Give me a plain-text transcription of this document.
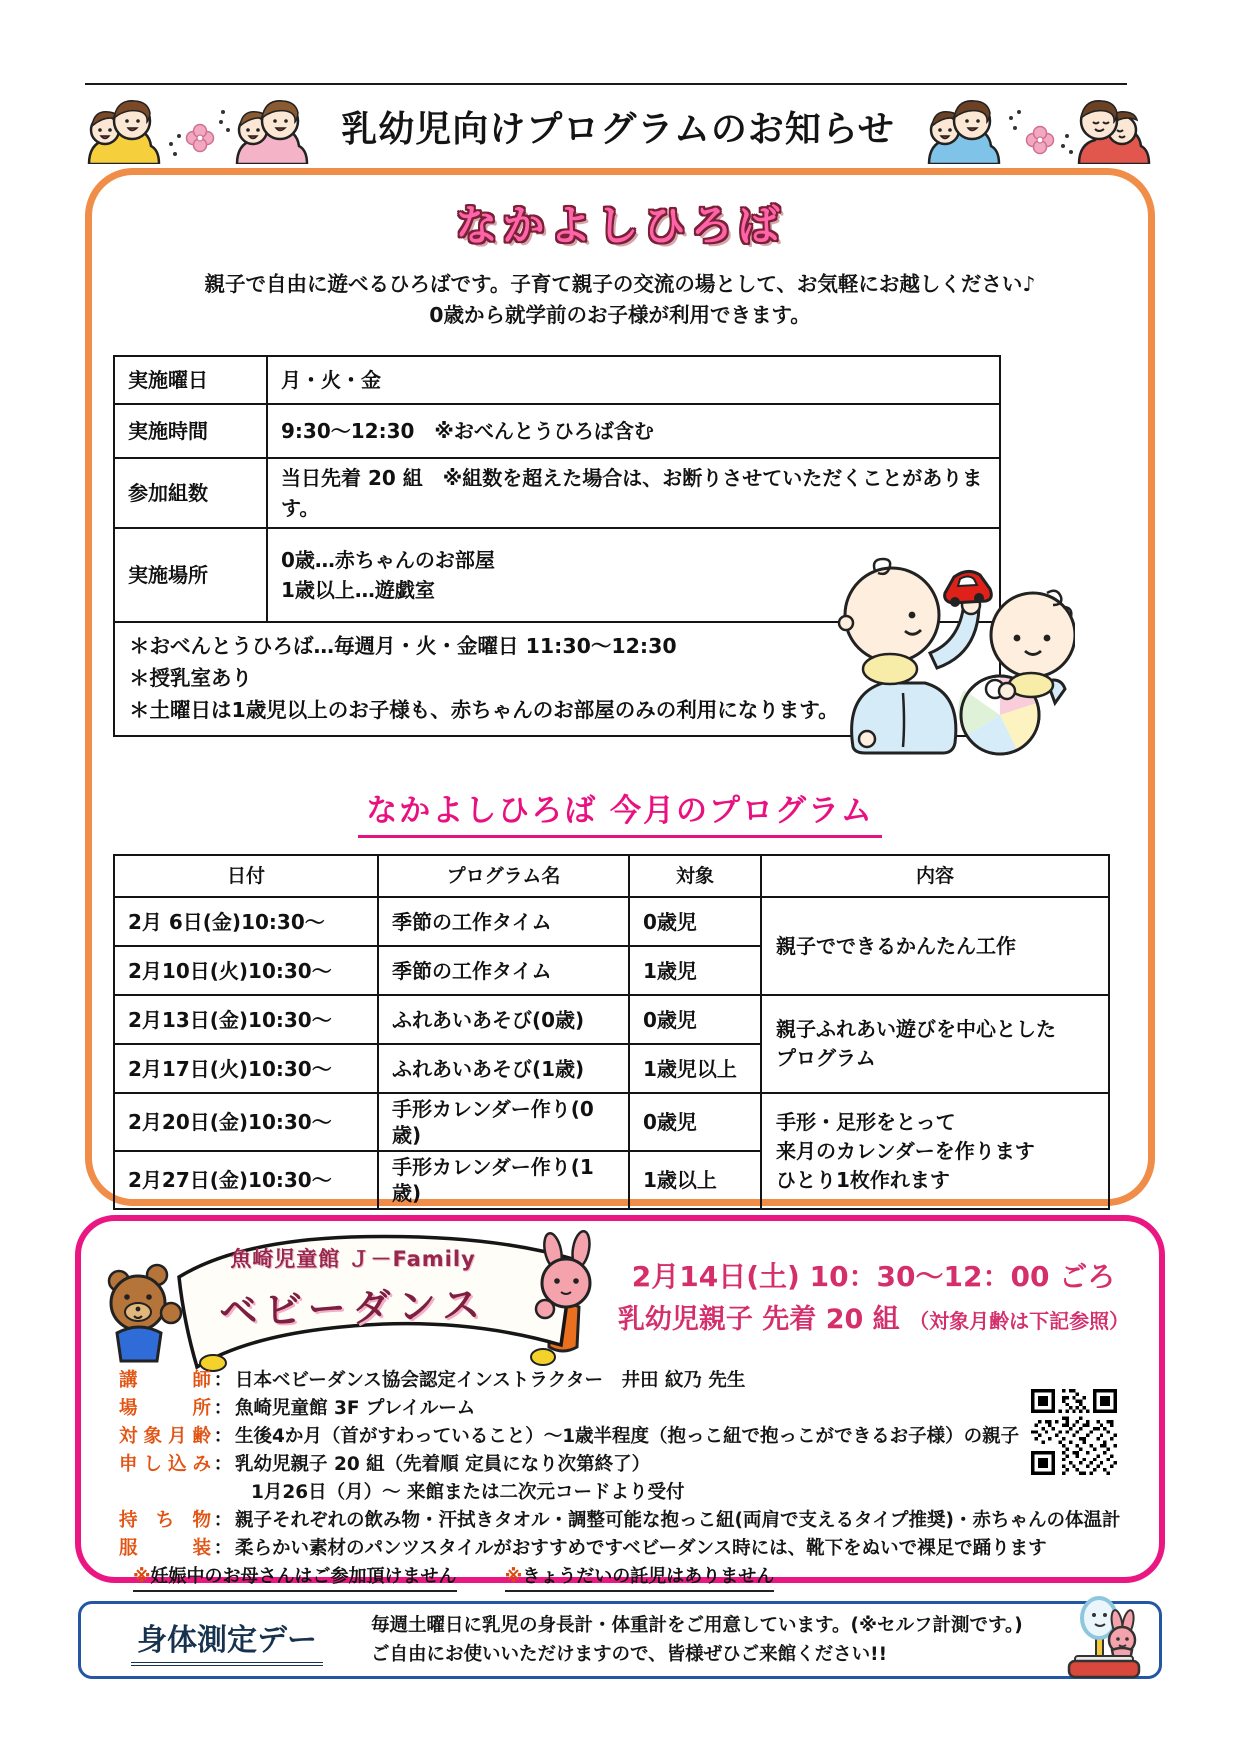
乳幼児向けプログラムのお知らせ
なかよしひろば

親子で自由に遊べるひろばです。子育て親子の交流の場として、お気軽にお越しください♪
0歳から就学前のお子様が利用できます。

実施曜日	月・火・金
実施時間	9:30～12:30　※おべんとうひろば含む
参加組数	当日先着 20 組　※組数を超えた場合は、お断りさせていただくことがあります。
実施場所	0歳…赤ちゃんのお部屋
1歳以上…遊戯室
＊おべんとうひろば…毎週月・火・金曜日 11:30～12:30
＊授乳室あり
＊土曜日は1歳児以上のお子様も、赤ちゃんのお部屋のみの利用になります。
なかよしひろば 今月のプログラム
日付	プログラム名	対象	内容
2月 6日(金)10:30～	季節の工作タイム	0歳児	親子でできるかんたん工作

2月10日(火)10:30～	季節の工作タイム	1歳児	
2月13日(金)10:30～	ふれあいあそび(0歳)	0歳児	親子ふれあい遊びを中心とした
プログラム

2月17日(火)10:30～	ふれあいあそび(1歳)	1歳児以上	
2月20日(金)10:30～	手形カレンダー作り(0歳)	0歳児	手形・足形をとって
来月のカレンダーを作ります
ひとり1枚作れます

2月27日(金)10:30～	手形カレンダー作り(1歳)	1歳以上	
魚崎児童館 Ｊ－Family
ベビーダンス
2月14日(土) 10：30～12：00 ごろ
乳幼児親子 先着 20 組 （対象月齢は下記参照）
講師 ： 日本ベビーダンス協会認定インストラクター　井田 紋乃 先生
場所 ： 魚崎児童館 3F プレイルーム
対象月齢 ： 生後4か月（首がすわっていること）～1歳半程度（抱っこ紐で抱っこができるお子様）の親子
申し込み ： 乳幼児親子 20 組（先着順 定員になり次第終了）
1月26日（月）～ 来館または二次元コードより受付
持ち物 ： 親子それぞれの飲み物・汗拭きタオル・調整可能な抱っこ紐(両肩で支えるタイプ推奨)・赤ちゃんの体温計
服装 ： 柔らかい素材のパンツスタイルがおすすめですベビーダンス時には、靴下をぬいで裸足で踊ります
※妊娠中のお母さんはご参加頂けません	※きょうだいの託児はありません
身体測定デー	毎週土曜日に乳児の身長計・体重計をご用意しています。(※セルフ計測です。)
ご自由にお使いいただけますので、皆様ぜひご来館ください!!
